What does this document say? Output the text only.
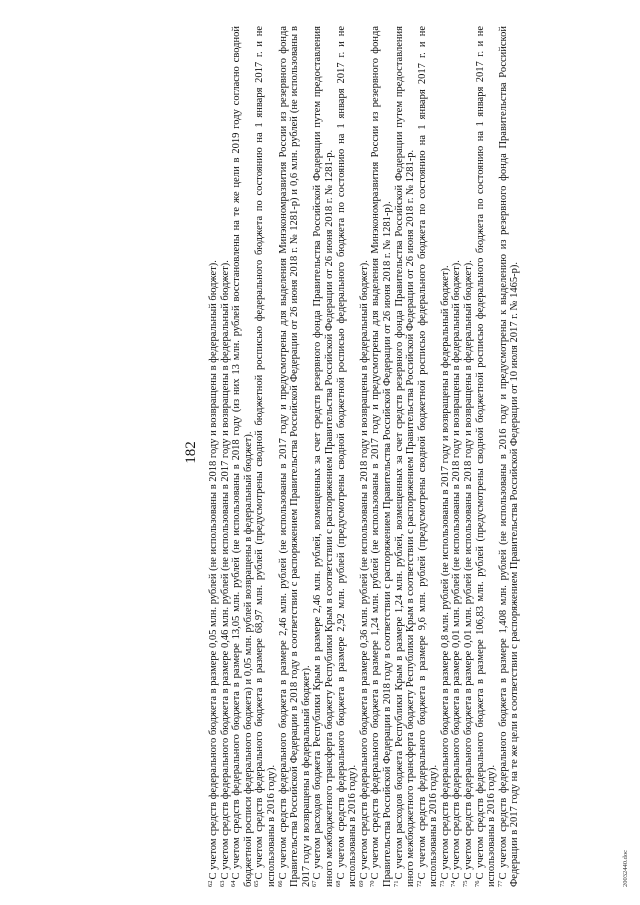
182

$^{62}$С учетом средств федерального бюджета в размере 0,05 млн. рублей (не использованы в 2018 году и возвращены в федеральный бюджет).

$^{63}$С учетом средств федерального бюджета в размере 0,46 млн. рублей (не использованы в 2017 году и возвращены в федеральный бюджет).

$^{64}$С учетом средств федерального бюджета в размере 13,05 млн. рублей (не использованы в 2018 году (из них 13 млн. рублей восстановлены на те же цели в 2019 году согласно сводной бюджетной росписи федерального бюджета) и 0,05 млн. рублей возвращены в федеральный бюджет). $^{65}$С учетом средств федерального бюджета в размере 68,97 млн. рублей (предусмотрены сводной бюджетной росписью федерального бюджета по состоянию на 1 января 2017 г. и не использованы в 2016 году). $^{66}$С учетом средств федерального бюджета в размере 2,46 млн. рублей (не использованы в 2017 году и предусмотрены для выделения Минэкономразвития России из резервного фонда Правительства Российской Федерации в 2018 году в соответствии с распоряжением Правительства Российской Федерации от 26 июня 2018 г. № 1281-р) и 0,6 млн. рублей (не использованы в 2017 году и возвращены в федеральный бюджет). $^{67}$С учетом расходов бюджета Республики Крым в размере 2,46 млн. рублей, возмещенных за счет средств резервного фонда Правительства Российской Федерации путем предоставления иного межбюджетного трансферта бюджету Республики Крым в соответствии с распоряжением Правительства Российской Федерации от 26 июня 2018 г. № 1281-р. $^{68}$С учетом средств федерального бюджета в размере 2,92 млн. рублей (предусмотрены сводной бюджетной росписью федерального бюджета по состоянию на 1 января 2017 г. и не использованы в 2016 году). $^{69}$С учетом средств федерального бюджета в размере 0,36 млн. рублей (не использованы в 2018 году и возвращены в федеральный бюджет).

$^{70}$С учетом средств федерального бюджета в размере 1,24 млн. рублей (не использованы в 2017 году и предусмотрены для выделения Минэкономразвития России из резервного фонда Правительства Российской Федерации в 2018 году в соответствии с распоряжением Правительства Российской Федерации от 26 июня 2018 г. № 1281-р). $^{71}$С учетом расходов бюджета Республики Крым в размере 1,24 млн. рублей, возмещенных за счет средств резервного фонда Правительства Российской Федерации путем предоставления иного межбюджетного трансферта бюджету Республики Крым в соответствии с распоряжением Правительства Российской Федерации от 26 июня 2018 г. № 1281-р. $^{72}$С учетом средств федерального бюджета в размере 9,6 млн. рублей (предусмотрены сводной бюджетной росписью федерального бюджета по состоянию на 1 января 2017 г. и не использованы в 2016 году). $^{73}$С учетом средств федерального бюджета в размере 0,8 млн. рублей (не использованы в 2017 году и возвращены в федеральный бюджет).

$^{74}$С учетом средств федерального бюджета в размере 0,01 млн. рублей (не использованы в 2018 году и возвращены в федеральный бюджет).

$^{75}$С учетом средств федерального бюджета в размере 0,01 млн. рублей (не использованы в 2018 году и возвращены в федеральный бюджет).

$^{76}$С учетом средств федерального бюджета в размере 106,83 млн. рублей (предусмотрены сводной бюджетной росписью федерального бюджета по состоянию на 1 января 2017 г. и не использованы в 2016 году). $^{77}$С учетом средств федерального бюджета в размере 1,408 млн. рублей (не использованы в 2016 году и предусмотрены к выделению из резервного фонда Правительства Российской Федерации в 2017 году на те же цели в соответствии с распоряжением Правительства Российской Федерации от 10 июля 2017 г. № 1465-р).	20032440.doc
